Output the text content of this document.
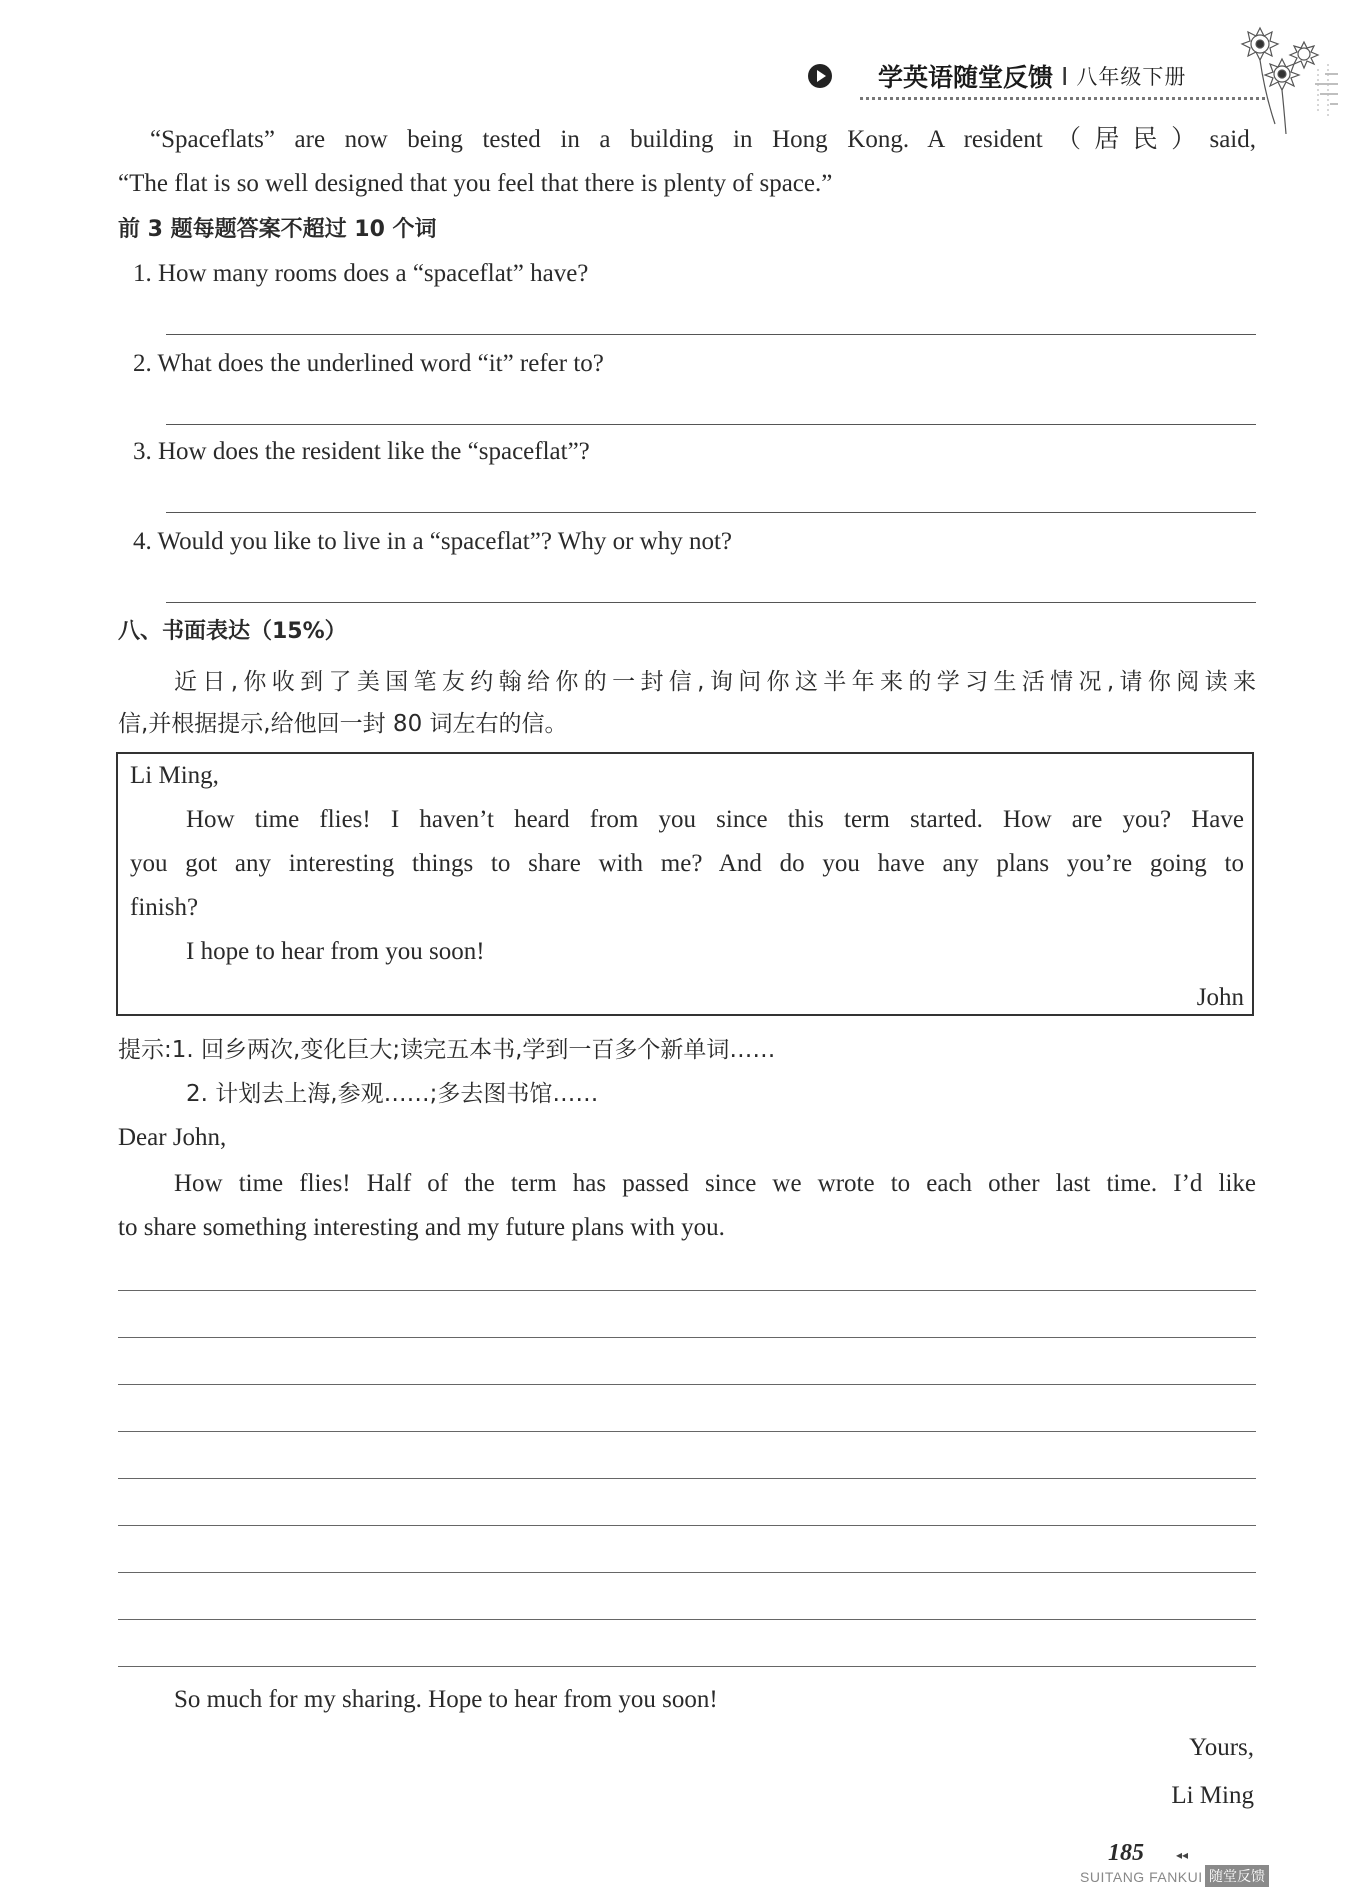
学英语随堂反馈 I 八年级下册
“Spaceflats” are now being tested in a building in Hong Kong. A resident（居民）said,
“The flat is so well designed that you feel that there is plenty of space.”
前 3 题每题答案不超过 10 个词
1. How many rooms does a “spaceflat” have?
2. What does the underlined word “it” refer to?
3. How does the resident like the “spaceflat”?
4. Would you like to live in a “spaceflat”? Why or why not?
八、书面表达（15%）
近日,你收到了美国笔友约翰给你的一封信,询问你这半年来的学习生活情况,请你阅读来
信,并根据提示,给他回一封 80 词左右的信。
Li Ming,
How time flies! I haven’t heard from you since this term started. How are you? Have
you got any interesting things to share with me? And do you have any plans you’re going to
finish?
I hope to hear from you soon!
John
提示:1. 回乡两次,变化巨大;读完五本书,学到一百多个新单词……
2. 计划去上海,参观……;多去图书馆……
Dear John,
How time flies! Half of the term has passed since we wrote to each other last time. I’d like
to share something interesting and my future plans with you.
So much for my sharing. Hope to hear from you soon!
Yours,
Li Ming
185	◂◂
SUITANG FANKUI 随堂反馈
